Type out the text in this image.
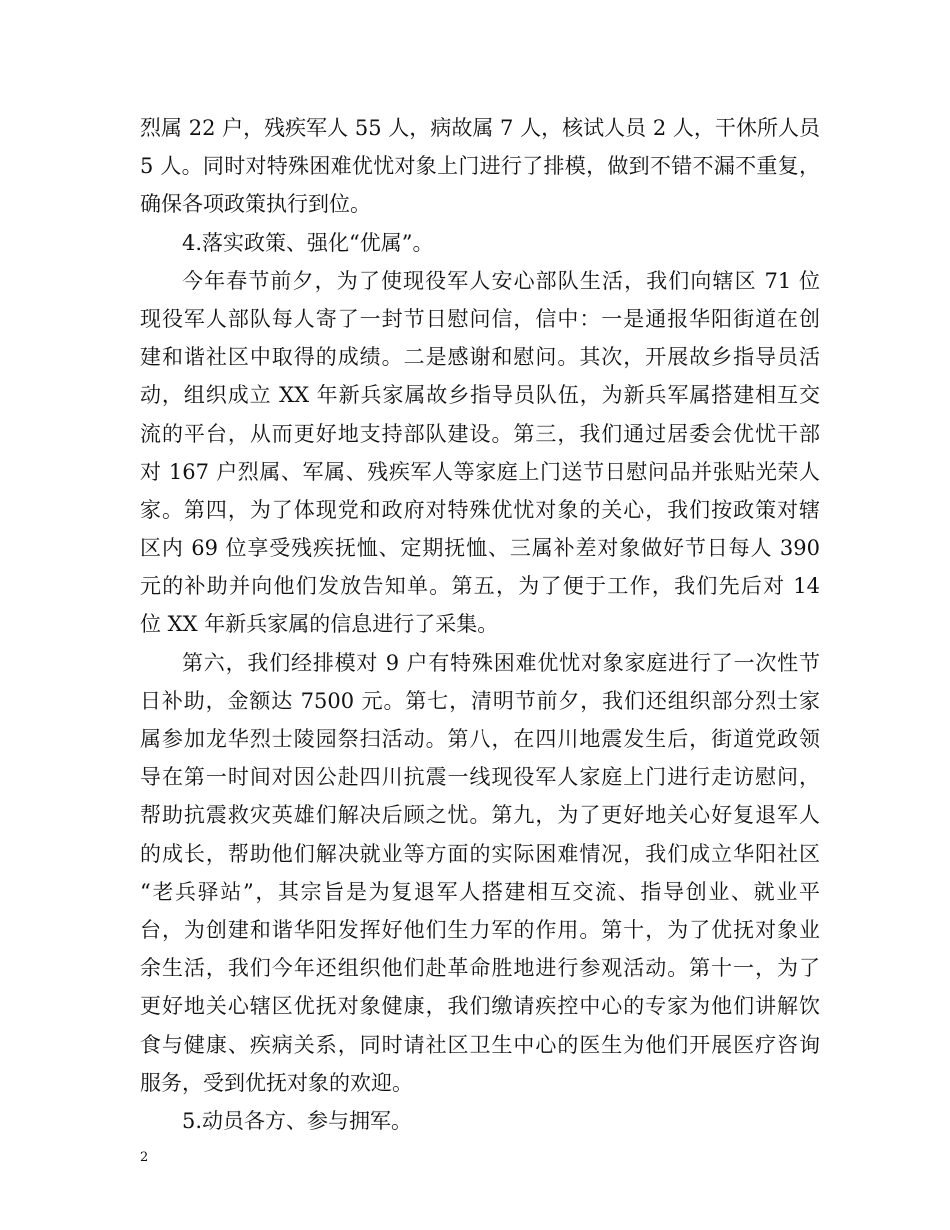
烈属 22 户，残疾军人 55 人，病故属 7 人，核试人员 2 人，干休所人员
5 人。同时对特殊困难优忧对象上门进行了排模，做到不错不漏不重复，
确保各项政策执行到位。
4.落实政策、强化“优属”。
今年春节前夕，为了使现役军人安心部队生活，我们向辖区 71 位
现役军人部队每人寄了一封节日慰问信，信中：一是通报华阳街道在创
建和谐社区中取得的成绩。二是感谢和慰问。其次，开展故乡指导员活
动，组织成立 XX 年新兵家属故乡指导员队伍，为新兵军属搭建相互交
流的平台，从而更好地支持部队建设。第三，我们通过居委会优忧干部
对 167 户烈属、军属、残疾军人等家庭上门送节日慰问品并张贴光荣人
家。第四，为了体现党和政府对特殊优忧对象的关心，我们按政策对辖
区内 69 位享受残疾抚恤、定期抚恤、三属补差对象做好节日每人 390
元的补助并向他们发放告知单。第五，为了便于工作，我们先后对 14
位 XX 年新兵家属的信息进行了采集。
第六，我们经排模对 9 户有特殊困难优忧对象家庭进行了一次性节
日补助，金额达 7500 元。第七，清明节前夕，我们还组织部分烈士家
属参加龙华烈士陵园祭扫活动。第八，在四川地震发生后，街道党政领
导在第一时间对因公赴四川抗震一线现役军人家庭上门进行走访慰问，
帮助抗震救灾英雄们解决后顾之忧。第九，为了更好地关心好复退军人
的成长，帮助他们解决就业等方面的实际困难情况，我们成立华阳社区
“老兵驿站”，其宗旨是为复退军人搭建相互交流、指导创业、就业平
台，为创建和谐华阳发挥好他们生力军的作用。第十，为了优抚对象业
余生活，我们今年还组织他们赴革命胜地进行参观活动。第十一，为了
更好地关心辖区优抚对象健康，我们缴请疾控中心的专家为他们讲解饮
食与健康、疾病关系，同时请社区卫生中心的医生为他们开展医疗咨询
服务，受到优抚对象的欢迎。
5.动员各方、参与拥军。
2
